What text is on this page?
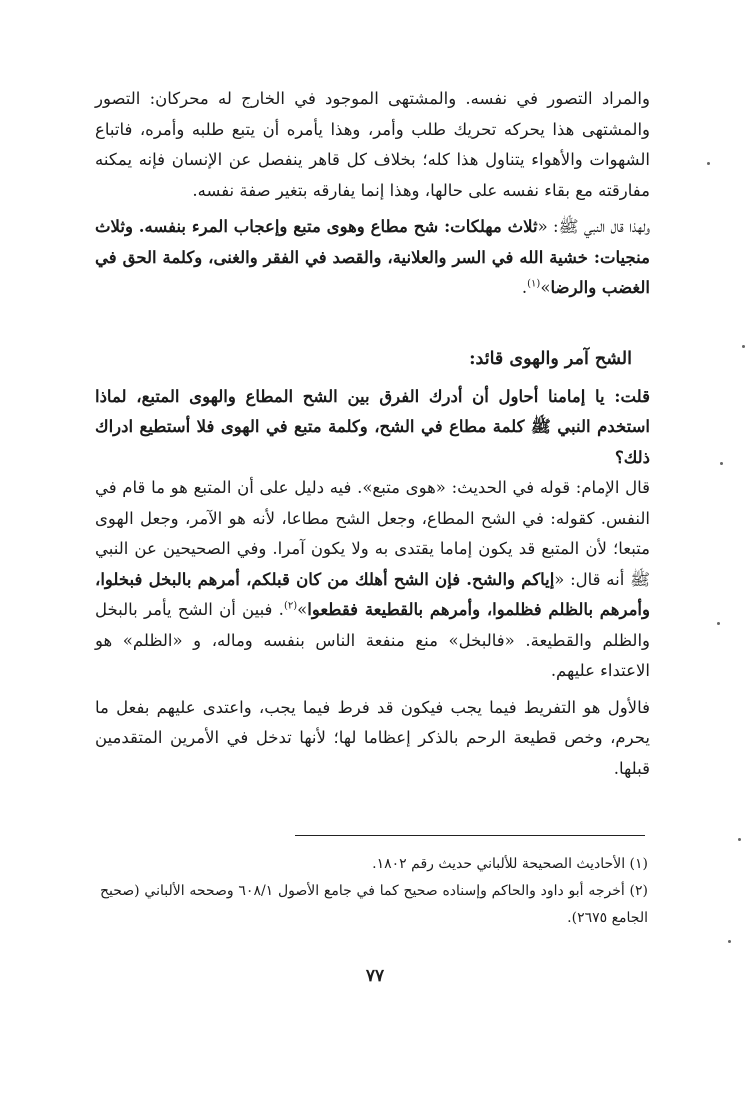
والمراد التصور في نفسه. والمشتهى الموجود في الخارج له محركان: التصور والمشتهى هذا يحركه تحريك طلب وأمر، وهذا يأمره أن يتبع طلبه وأمره، فاتباع الشهوات والأهواء يتناول هذا كله؛ بخلاف كل قاهر ينفصل عن الإنسان فإنه يمكنه مفارقته مع بقاء نفسه على حالها، وهذا إنما يفارقه بتغير صفة نفسه.

ولهذا قال النبي ﷺ: «ثلاث مهلكات: شح مطاع وهوى متبع وإعجاب المرء بنفسه. وثلاث منجيات: خشية الله في السر والعلانية، والقصد في الفقر والغنى، وكلمة الحق في الغضب والرضا»$^{(١)}$.

الشح آمر والهوى قائد:

قلت: يا إمامنا أحاول أن أدرك الفرق بين الشح المطاع والهوى المتبع، لماذا استخدم النبي ﷺ كلمة مطاع في الشح، وكلمة متبع في الهوى فلا أستطيع ادراك ذلك؟

قال الإمام: قوله في الحديث: «هوى متبع». فيه دليل على أن المتبع هو ما قام في النفس. كقوله: في الشح المطاع، وجعل الشح مطاعا، لأنه هو الآمر، وجعل الهوى متبعا؛ لأن المتبع قد يكون إماما يقتدى به ولا يكون آمرا. وفي الصحيحين عن النبي ﷺ أنه قال: «إياكم والشح. فإن الشح أهلك من كان قبلكم، أمرهم بالبخل فبخلوا، وأمرهم بالظلم فظلموا، وأمرهم بالقطيعة فقطعوا»$^{(٢)}$. فبين أن الشح يأمر بالبخل والظلم والقطيعة. «فالبخل» منع منفعة الناس بنفسه وماله، و «الظلم» هو الاعتداء عليهم.

فالأول هو التفريط فيما يجب فيكون قد فرط فيما يجب، واعتدى عليهم بفعل ما يحرم، وخص قطيعة الرحم بالذكر إعظاما لها؛ لأنها تدخل في الأمرين المتقدمين قبلها.

(١) الأحاديث الصحيحة للألباني حديث رقم ١٨٠٢.

(٢) أخرجه أبو داود والحاكم وإسناده صحيح كما في جامع الأصول ٦٠٨/١ وصححه الألباني (صحيح الجامع ٢٦٧٥).

٧٧
